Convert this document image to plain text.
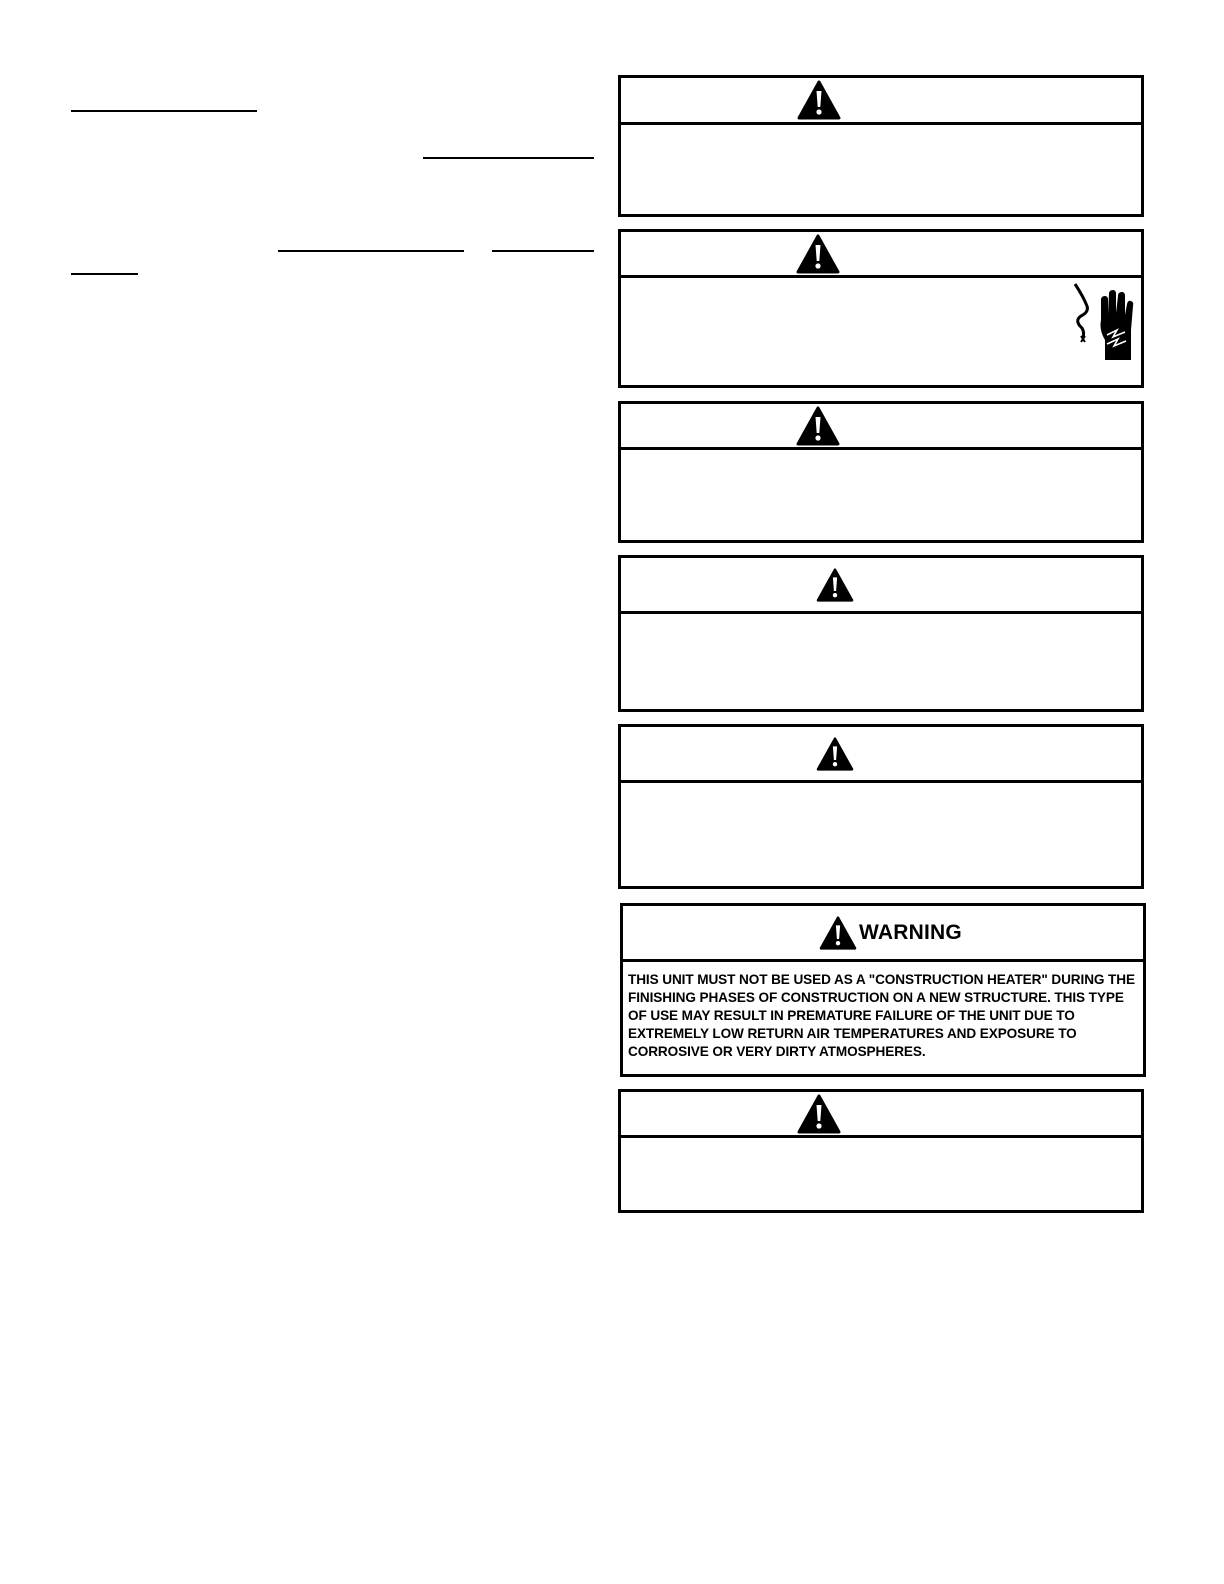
WARNING
THIS UNIT MUST NOT BE USED AS A "CONSTRUCTION HEATER" DURING THE FINISHING PHASES OF CONSTRUCTION ON A NEW STRUCTURE. THIS TYPE OF USE MAY RESULT IN PREMATURE FAILURE OF THE UNIT DUE TO EXTREMELY LOW RETURN AIR TEMPERATURES AND EXPOSURE TO CORROSIVE OR VERY DIRTY ATMOSPHERES.
